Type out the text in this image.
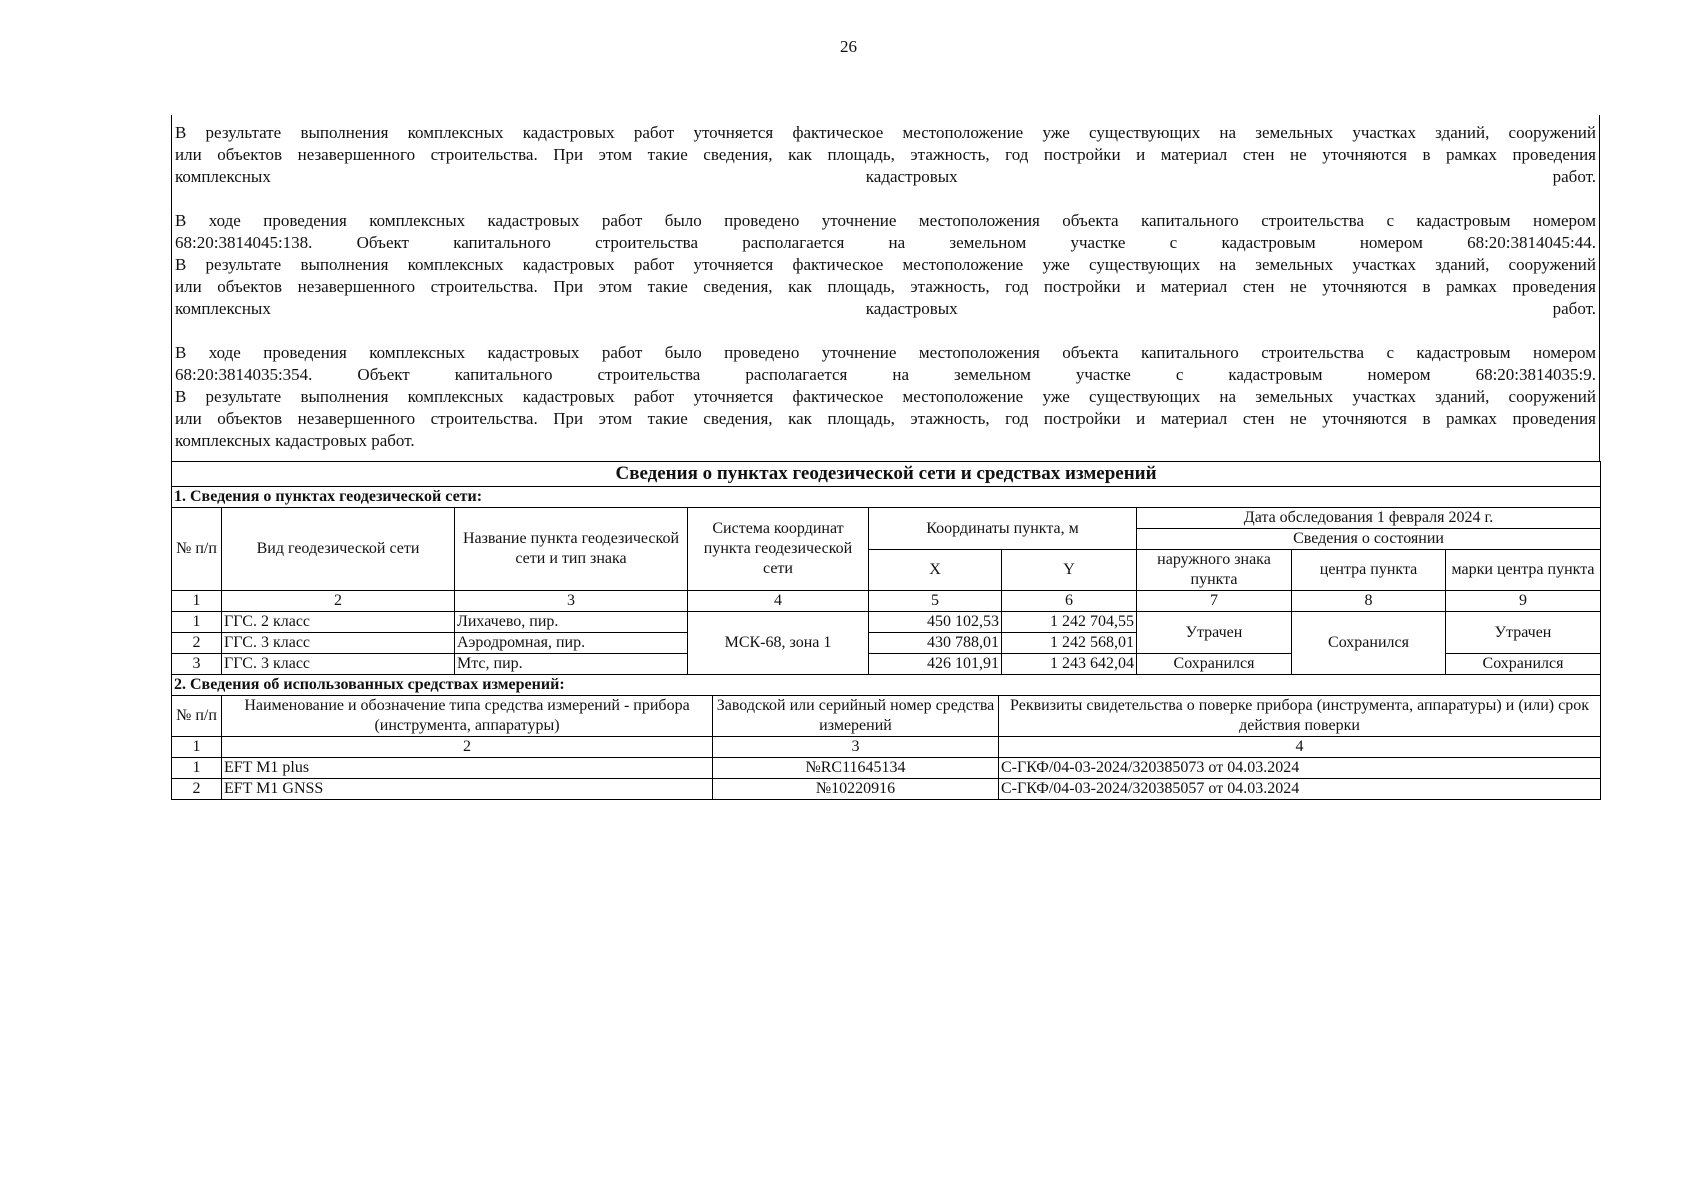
26
В результате выполнения комплексных кадастровых работ уточняется фактическое местоположение уже существующих на земельных участках зданий, сооружений
или объектов незавершенного строительства. При этом такие сведения, как площадь, этажность, год постройки и материал стен не уточняются в рамках проведения
комплексных кадастровых работ.
В ходе проведения комплексных кадастровых работ было проведено уточнение местоположения объекта капитального строительства с кадастровым номером
68:20:3814045:138. Объект капитального строительства располагается на земельном участке с кадастровым номером 68:20:3814045:44.
В результате выполнения комплексных кадастровых работ уточняется фактическое местоположение уже существующих на земельных участках зданий, сооружений
или объектов незавершенного строительства. При этом такие сведения, как площадь, этажность, год постройки и материал стен не уточняются в рамках проведения
комплексных кадастровых работ.
В ходе проведения комплексных кадастровых работ было проведено уточнение местоположения объекта капитального строительства с кадастровым номером
68:20:3814035:354. Объект капитального строительства располагается на земельном участке с кадастровым номером 68:20:3814035:9.
В результате выполнения комплексных кадастровых работ уточняется фактическое местоположение уже существующих на земельных участках зданий, сооружений
или объектов незавершенного строительства. При этом такие сведения, как площадь, этажность, год постройки и материал стен не уточняются в рамках проведения
комплексных кадастровых работ.
Сведения о пунктах геодезической сети и средствах измерений								
1. Сведения о пунктах геодезической сети:								
№ п/п	Вид геодезической сети	Название пункта геодезической сети и тип знака	Система координат пункта геодезической сети	Координаты пункта, м		Дата обследования 1 февраля 2024 г.		
						Сведения о состоянии		
				X	Y	наружного знака пункта	центра пункта	марки центра пункта
1	2	3	4	5	6	7	8	9
1	ГГС. 2 класс	Лихачево, пир.	МСК-68, зона 1	450 102,53	1 242 704,55	Утрачен	Сохранился	Утрачен
2	ГГС. 3 класс	Аэродромная, пир.		430 788,01	1 242 568,01			
3	ГГС. 3 класс	Мтс, пир.		426 101,91	1 243 642,04	Сохранился		Сохранился
2. Сведения об использованных средствах измерений:			
№ п/п	Наименование и обозначение типа средства измерений - прибора (инструмента, аппаратуры)	Заводской или серийный номер средства измерений	Реквизиты свидетельства о поверке прибора (инструмента, аппаратуры) и (или) срок действия поверки
1	2	3	4
1	EFT M1 plus	№RC11645134	С-ГКФ/04-03-2024/320385073 от 04.03.2024
2	EFT M1 GNSS	№10220916	С-ГКФ/04-03-2024/320385057 от 04.03.2024
